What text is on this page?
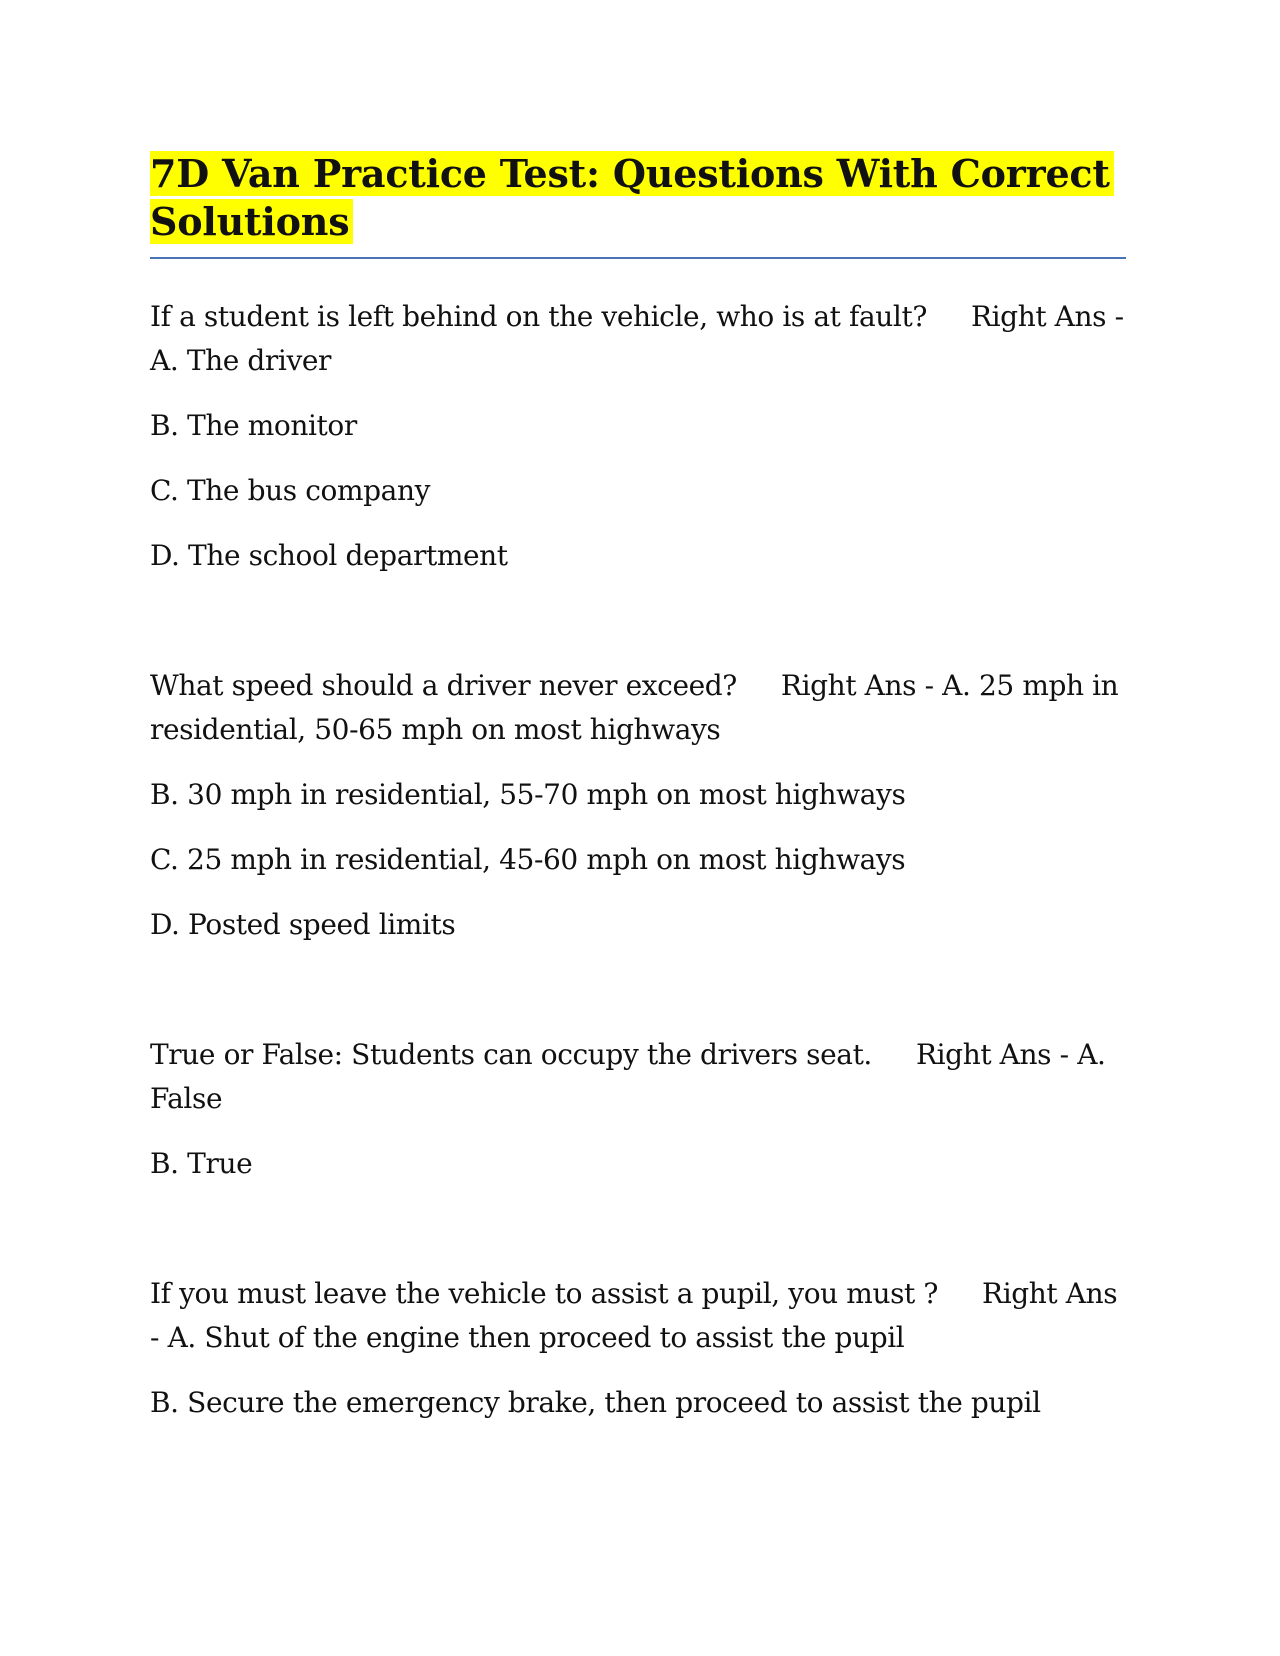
7D Van Practice Test: Questions With Correct Solutions

If a student is left behind on the vehicle, who is at fault? Right Ans - A. The driver

B. The monitor

C. The bus company

D. The school department

What speed should a driver never exceed? Right Ans - A. 25 mph in residential, 50-65 mph on most highways

B. 30 mph in residential, 55-70 mph on most highways

C. 25 mph in residential, 45-60 mph on most highways

D. Posted speed limits

True or False: Students can occupy the drivers seat. Right Ans - A. False

B. True

If you must leave the vehicle to assist a pupil, you must ? Right Ans - A. Shut of the engine then proceed to assist the pupil

B. Secure the emergency brake, then proceed to assist the pupil
